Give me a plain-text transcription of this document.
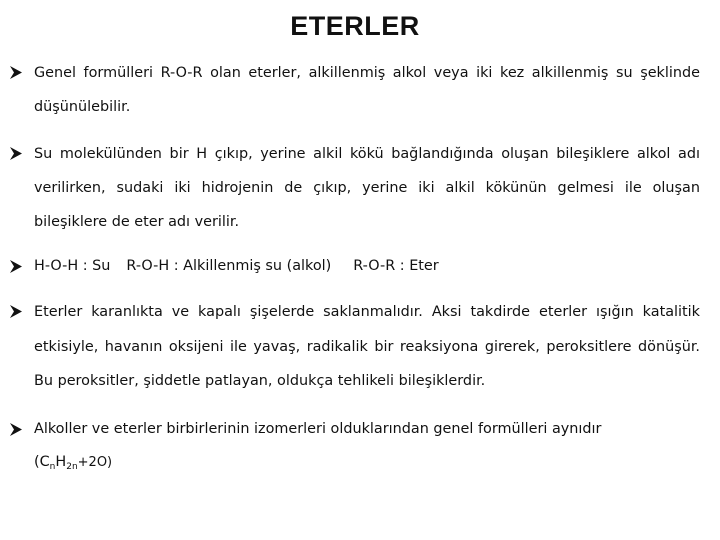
ETERLER
Genel formülleri R-O-R olan eterler, alkillenmiş alkol veya iki kez alkillenmiş su şeklinde düşünülebilir.
Su molekülünden bir H çıkıp, yerine alkil kökü bağlandığında oluşan bileşiklere alkol adı verilirken, sudaki iki hidrojenin de çıkıp, yerine iki alkil kökünün gelmesi ile oluşan bileşiklere de eter adı verilir.
H-O-H : Su R-O-H : Alkillenmiş su (alkol) R-O-R : Eter
Eterler karanlıkta ve kapalı şişelerde saklanmalıdır. Aksi takdirde eterler ışığın katalitik etkisiyle, havanın oksijeni ile yavaş, radikalik bir reaksiyona girerek, peroksitlere dönüşür. Bu peroksitler, şiddetle patlayan, oldukça tehlikeli bileşiklerdir.
Alkoller ve eterler birbirlerinin izomerleri olduklarından genel formülleri aynıdır
$(C_nH_{2n}+2O)$
